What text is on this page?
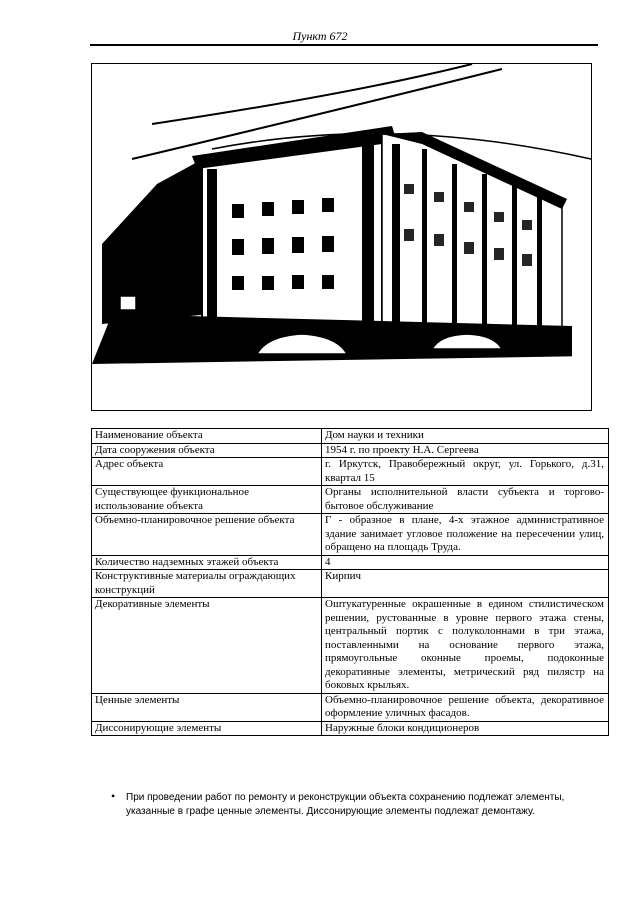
Пункт 672
Наименование объекта	Дом науки и техники
Дата сооружения объекта	1954 г. по проекту Н.А. Сергеева
Адрес объекта	г. Иркутск, Правобережный округ, ул. Горького, д.31, квартал 15
Существующее функциональное использование объекта	Органы исполнительной власти субъекта и торгово-бытовое обслуживание
Объемно-планировочное решение объекта	Г - образное в плане, 4-х этажное административное здание занимает угловое положение на пересечении улиц, обращено на площадь Труда.
Количество надземных этажей объекта	4
Конструктивные материалы ограждающих конструкций	Кирпич
Декоративные элементы	Оштукатуренные окрашенные в едином стилистическом решении, рустованные в уровне первого этажа стены, центральный портик с полуколоннами в три этажа, поставленными на основание первого этажа, прямоугольные оконные проемы, подоконные декоративные элементы, метрический ряд пилястр на боковых крыльях.
Ценные элементы	Объемно-планировочное решение объекта, декоративное оформление уличных фасадов.
Диссонирующие элементы	Наружные блоки кондиционеров
• При проведении работ по ремонту и реконструкции объекта сохранению подлежат элементы, указанные в графе ценные элементы. Диссонирующие элементы подлежат демонтажу.
